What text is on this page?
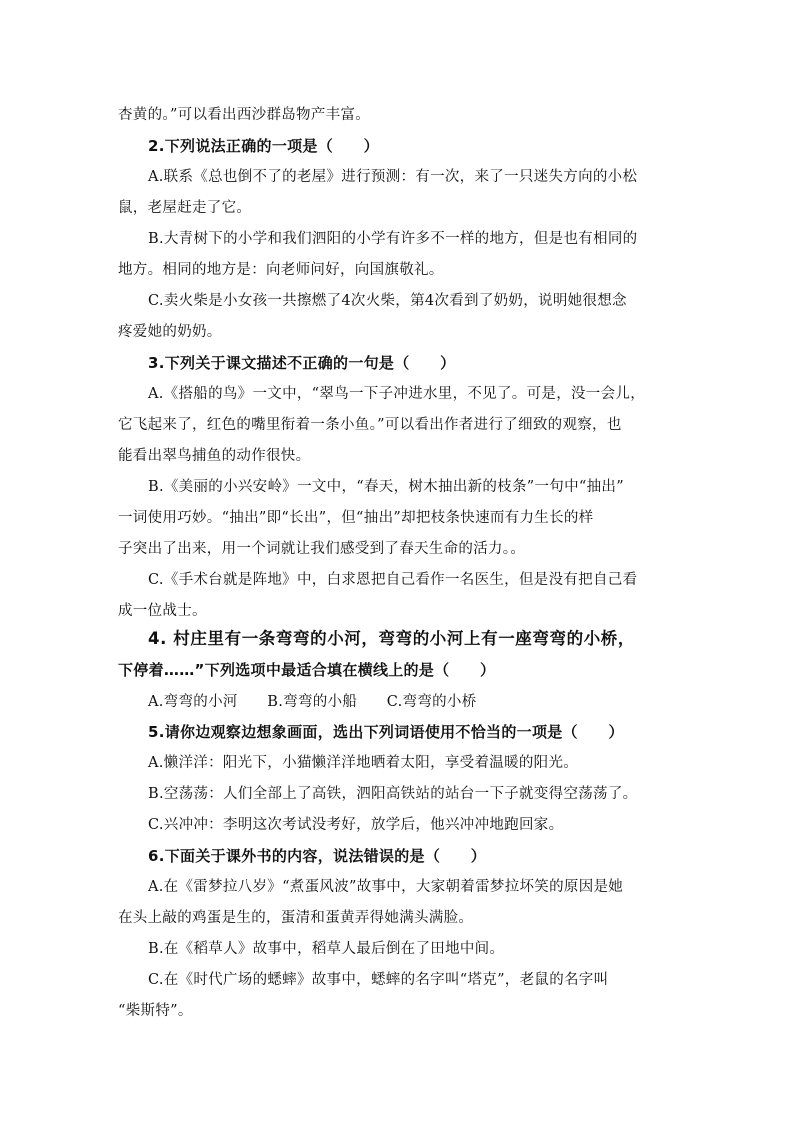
杏黄的。”可以看出西沙群岛物产丰富。
2.下列说法正确的一项是（　　）
A.联系《总也倒不了的老屋》进行预测：有一次，来了一只迷失方向的小松
鼠，老屋赶走了它。
B.大青树下的小学和我们泗阳的小学有许多不一样的地方，但是也有相同的
地方。相同的地方是：向老师问好，向国旗敬礼。
C.卖火柴是小女孩一共擦燃了4次火柴，第4次看到了奶奶，说明她很想念
疼爱她的奶奶。
3.下列关于课文描述不正确的一句是（　　）
A.《搭船的鸟》一文中，“翠鸟一下子冲进水里，不见了。可是，没一会儿，
它飞起来了，红色的嘴里衔着一条小鱼。”可以看出作者进行了细致的观察，也
能看出翠鸟捕鱼的动作很快。
B.《美丽的小兴安岭》一文中，“春天，树木抽出新的枝条”一句中“抽出”
一词使用巧妙。“抽出”即“长出”，但“抽出”却把枝条快速而有力生长的样
子突出了出来，用一个词就让我们感受到了春天生命的活力。。
C.《手术台就是阵地》中，白求恩把自己看作一名医生，但是没有把自己看
成一位战士。
4. 村庄里有一条弯弯的小河，弯弯的小河上有一座弯弯的小桥，
下停着……”下列选项中最适合填在横线上的是（　　）
A.弯弯的小河　　B.弯弯的小船　　C.弯弯的小桥
5.请你边观察边想象画面，选出下列词语使用不恰当的一项是（　　）
A.懒洋洋：阳光下，小猫懒洋洋地晒着太阳，享受着温暖的阳光。
B.空荡荡：人们全部上了高铁，泗阳高铁站的站台一下子就变得空荡荡了。
C.兴冲冲：李明这次考试没考好，放学后，他兴冲冲地跑回家。
6.下面关于课外书的内容，说法错误的是（　　）
A.在《雷梦拉八岁》“煮蛋风波”故事中，大家朝着雷梦拉坏笑的原因是她
在头上敲的鸡蛋是生的，蛋清和蛋黄弄得她满头满脸。
B.在《稻草人》故事中，稻草人最后倒在了田地中间。
C.在《时代广场的蟋蟀》故事中，蟋蟀的名字叫“塔克”，老鼠的名字叫
“柴斯特”。
